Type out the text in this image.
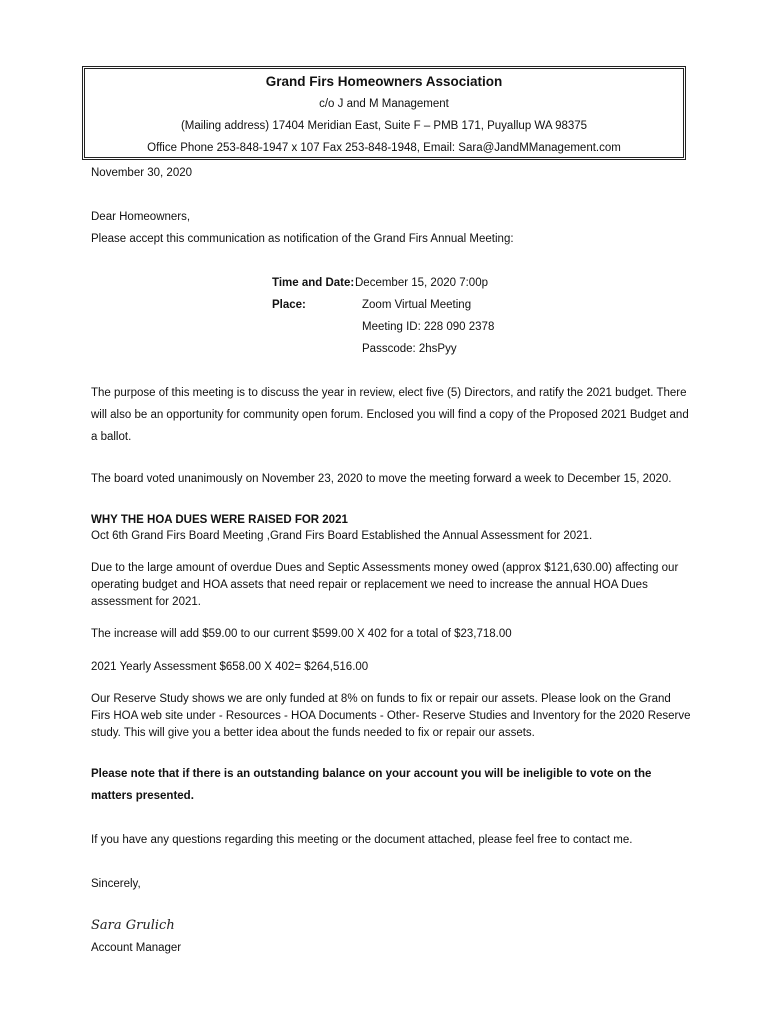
Grand Firs Homeowners Association
c/o J and M Management
(Mailing address) 17404 Meridian East, Suite F – PMB 171, Puyallup WA 98375
Office Phone 253-848-1947 x 107 Fax 253-848-1948, Email: Sara@JandMManagement.com
November 30, 2020
Dear Homeowners,
Please accept this communication as notification of the Grand Firs Annual Meeting:
Time and Date: December 15, 2020 7:00p
Place:	Zoom Virtual Meeting
Meeting ID: 228 090 2378
Passcode: 2hsPyy
The purpose of this meeting is to discuss the year in review, elect five (5) Directors, and ratify the 2021 budget. There will also be an opportunity for community open forum. Enclosed you will find a copy of the Proposed 2021 Budget and a ballot.
The board voted unanimously on November 23, 2020 to move the meeting forward a week to December 15, 2020.
WHY THE HOA DUES WERE RAISED FOR 2021
Oct 6th Grand Firs Board Meeting ,Grand Firs Board Established the Annual Assessment for 2021.
Due to the large amount of overdue Dues and Septic Assessments money owed (approx $121,630.00) affecting our operating budget and HOA assets that need repair or replacement we need to increase the annual HOA Dues assessment for 2021.
The increase will add $59.00 to our current $599.00 X 402 for a total of $23,718.00
2021 Yearly Assessment $658.00 X 402= $264,516.00
Our Reserve Study shows we are only funded at 8% on funds to fix or repair our assets. Please look on the Grand Firs HOA web site under - Resources - HOA Documents - Other- Reserve Studies and Inventory for the 2020 Reserve study. This will give you a better idea about the funds needed to fix or repair our assets.
Please note that if there is an outstanding balance on your account you will be ineligible to vote on the matters presented.
If you have any questions regarding this meeting or the document attached, please feel free to contact me.
Sincerely,
Sara Grulich
Account Manager
